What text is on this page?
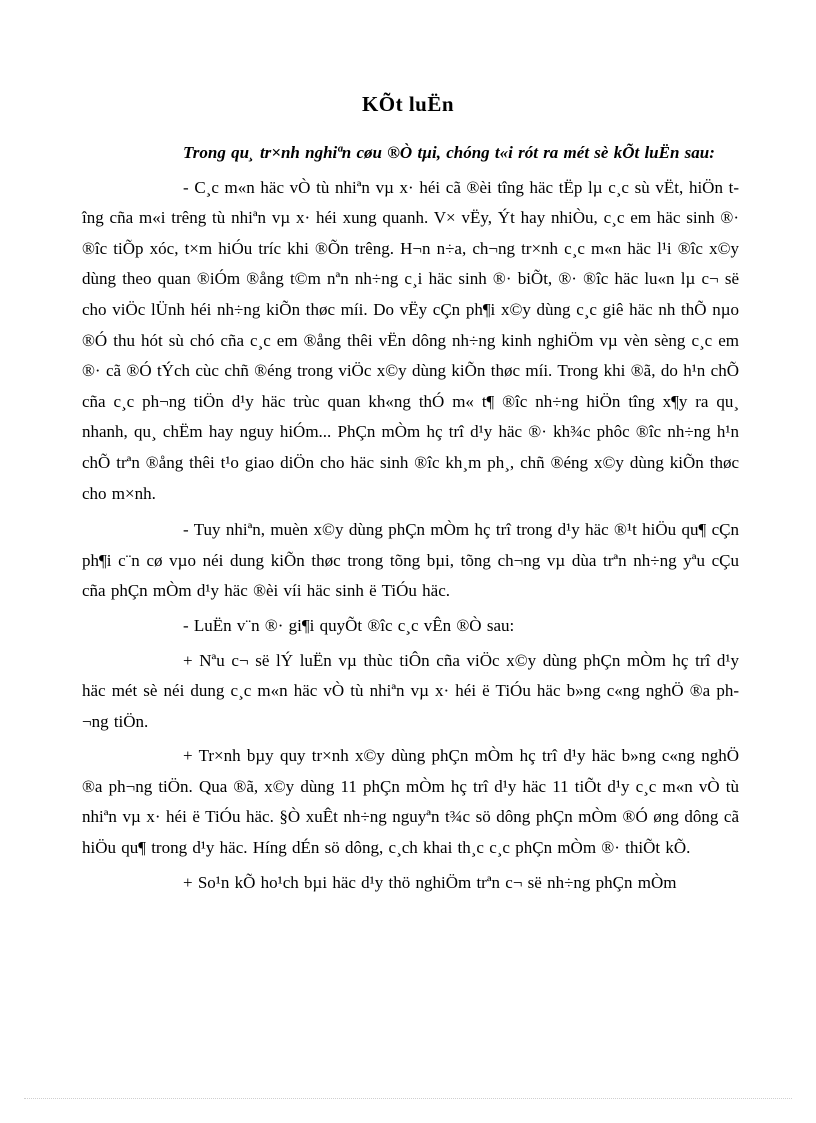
KÕt luËn

Trong qu¸ tr×nh nghiªn cøu ®Ò tµi, chóng t«i rót ra mét sè kÕt luËn sau:

- C¸c m«n häc vÒ tù nhiªn vµ x· héi cã ®èi tîng häc tËp lµ c¸c sù vËt, hiÖn tîng cña m«i trêng tù nhiªn vµ x· héi xung quanh. V× vËy, Ýt hay nhiÒu, c¸c em häc sinh ®· ®îc tiÕp xóc, t×m hiÓu tríc khi ®Õn trêng. H¬n n÷a, ch¬ng tr×nh c¸c m«n häc l¹i ®îc x©y dùng theo quan ®iÓm ®ång t©m nªn nh÷ng c¸i häc sinh ®· biÕt, ®· ®îc häc lu«n lµ c¬ së cho viÖc lÜnh héi nh÷ng kiÕn thøc míi. Do vËy cÇn ph¶i x©y dùng c¸c giê häc nh thÕ nµo ®Ó thu hót sù chó cña c¸c em ®ång thêi vËn dông nh÷ng kinh nghiÖm vµ vèn sèng c¸c em ®· cã ®Ó tÝch cùc chñ ®éng trong viÖc x©y dùng kiÕn thøc míi. Trong khi ®ã, do h¹n chÕ cña c¸c ph¬ng tiÖn d¹y häc trùc quan kh«ng thÓ m« t¶ ®îc nh÷ng hiÖn tîng x¶y ra qu¸ nhanh, qu¸ chËm hay nguy hiÓm... PhÇn mÒm hç trî d¹y häc ®· kh¾c phôc ®îc nh÷ng h¹n chÕ trªn ®ång thêi t¹o giao diÖn cho häc sinh ®îc kh¸m ph¸, chñ ®éng x©y dùng kiÕn thøc cho m×nh.

- Tuy nhiªn, muèn x©y dùng phÇn mÒm hç trî trong d¹y häc ®¹t hiÖu qu¶ cÇn ph¶i c¨n cø vµo néi dung kiÕn thøc trong tõng bµi, tõng ch¬ng vµ dùa trªn nh÷ng yªu cÇu cña phÇn mÒm d¹y häc ®èi víi häc sinh ë TiÓu häc.

- LuËn v¨n ®· gi¶i quyÕt ®îc c¸c vÊn ®Ò sau:

+ Nªu c¬ së lÝ luËn vµ thùc tiÔn cña viÖc x©y dùng phÇn mÒm hç trî d¹y häc mét sè néi dung c¸c m«n häc vÒ tù nhiªn vµ x· héi ë TiÓu häc b»ng c«ng nghÖ ®a ph¬ng tiÖn.

+ Tr×nh bµy quy tr×nh x©y dùng phÇn mÒm hç trî d¹y häc b»ng c«ng nghÖ ®a ph¬ng tiÖn. Qua ®ã, x©y dùng 11 phÇn mÒm hç trî d¹y häc 11 tiÕt d¹y c¸c m«n vÒ tù nhiªn vµ x· héi ë TiÓu häc. §Ò xuÊt nh÷ng nguyªn t¾c sö dông phÇn mÒm ®Ó øng dông cã hiÖu qu¶ trong d¹y häc. Híng dÉn sö dông, c¸ch khai th¸c c¸c phÇn mÒm ®· thiÕt kÕ.

+ So¹n kÕ ho¹ch bµi häc d¹y thö nghiÖm trªn c¬ së nh÷ng phÇn mÒm
